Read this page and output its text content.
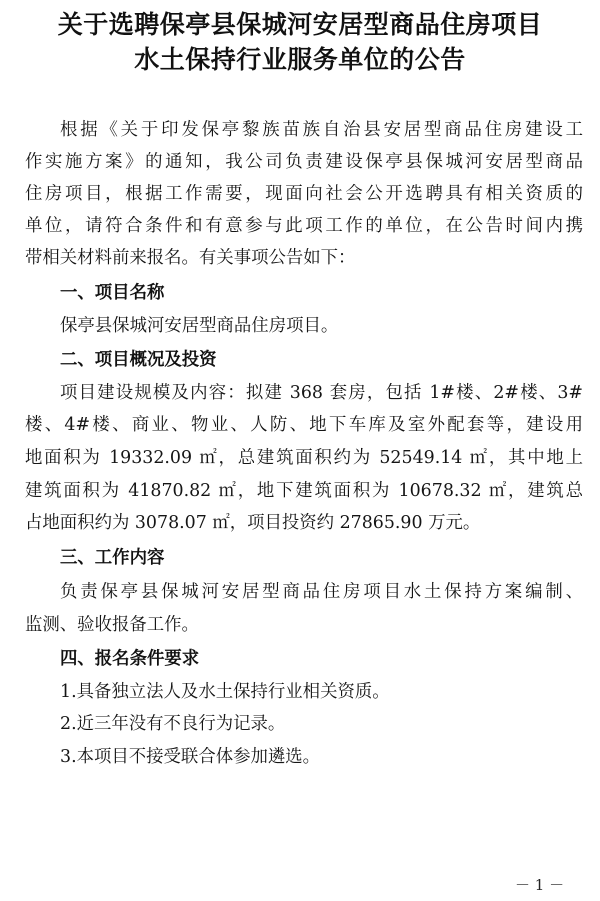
关于选聘保亭县保城河安居型商品住房项目
水土保持行业服务单位的公告
根据《关于印发保亭黎族苗族自治县安居型商品住房建设工
作实施方案》的通知，我公司负责建设保亭县保城河安居型商品
住房项目，根据工作需要，现面向社会公开选聘具有相关资质的
单位，请符合条件和有意参与此项工作的单位，在公告时间内携
带相关材料前来报名。有关事项公告如下：
一、项目名称
保亭县保城河安居型商品住房项目。
二、项目概况及投资
项目建设规模及内容：拟建 368 套房，包括 1#楼、2#楼、3#
楼、4#楼、商业、物业、人防、地下车库及室外配套等，建设用
地面积为 19332.09 ㎡，总建筑面积约为 52549.14 ㎡，其中地上
建筑面积为 41870.82 ㎡，地下建筑面积为 10678.32 ㎡，建筑总
占地面积约为 3078.07 ㎡，项目投资约 27865.90 万元。
三、工作内容
负责保亭县保城河安居型商品住房项目水土保持方案编制、
监测、验收报备工作。
四、报名条件要求
1.具备独立法人及水土保持行业相关资质。
2.近三年没有不良行为记录。
3.本项目不接受联合体参加遴选。
－ 1 －
